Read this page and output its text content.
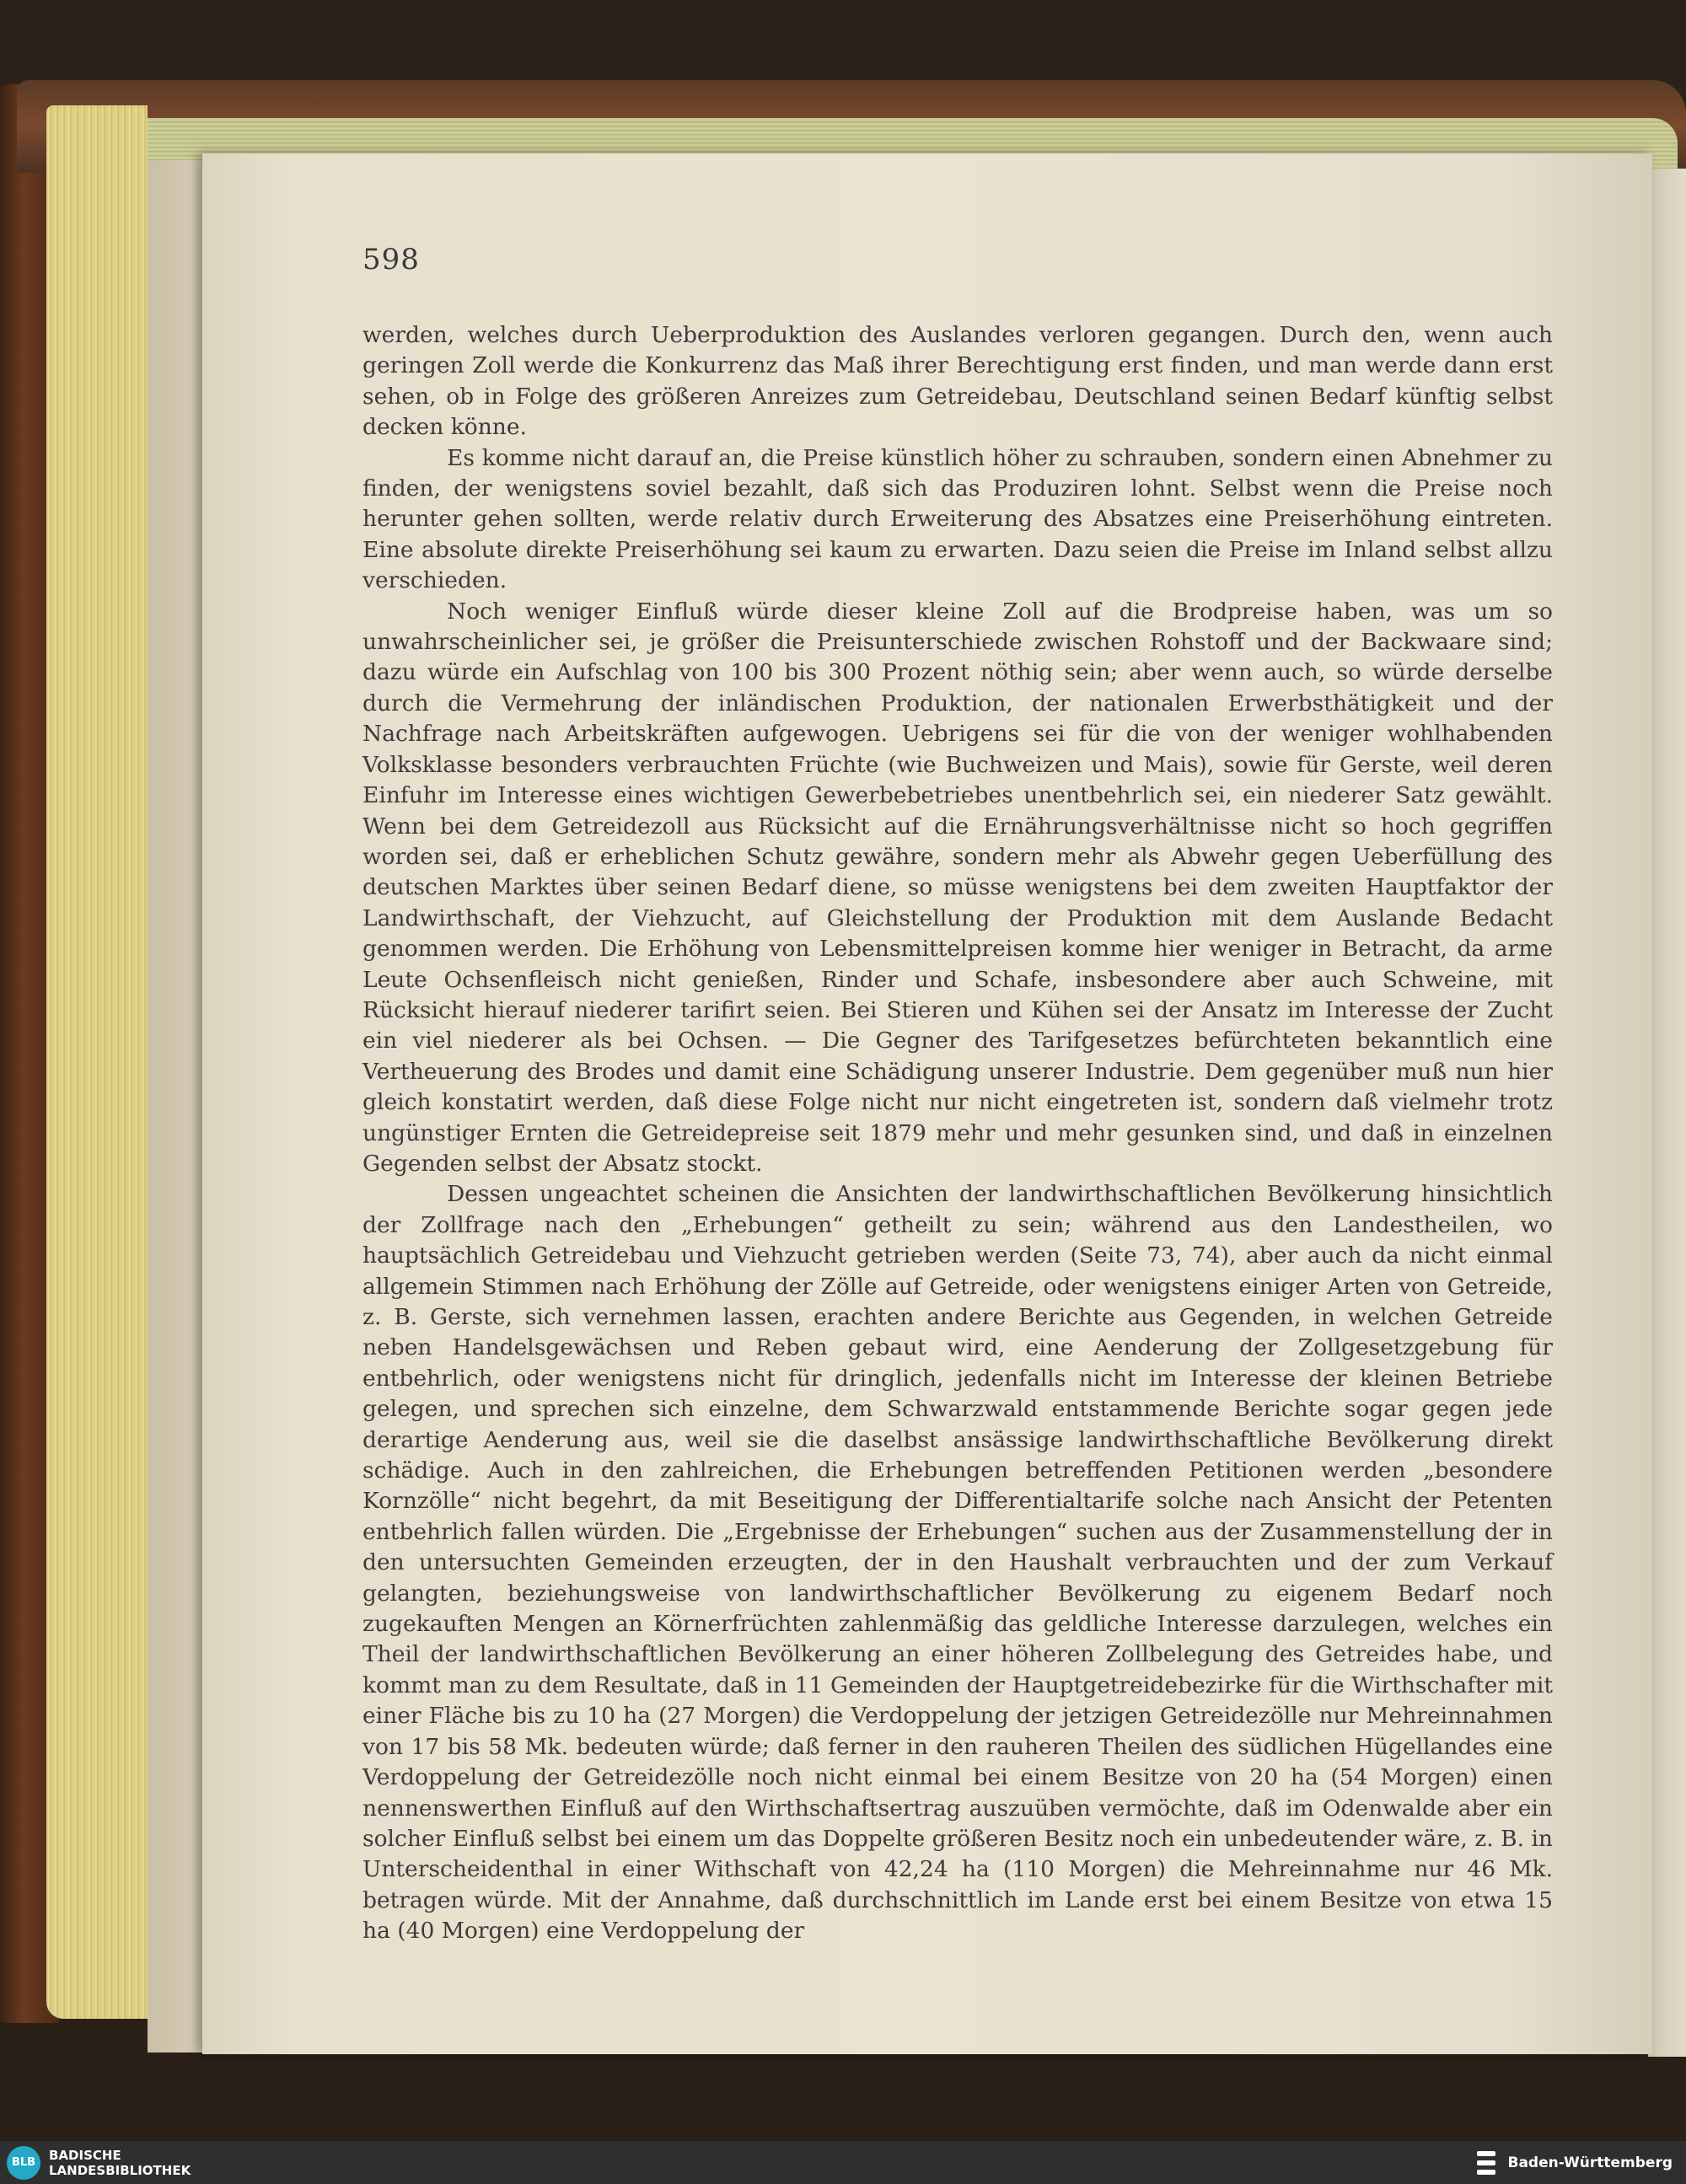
598

werden, welches durch Ueberproduktion des Auslandes verloren gegangen. Durch den, wenn auch geringen Zoll werde die Konkurrenz das Maß ihrer Berechtigung erst finden, und man werde dann erst sehen, ob in Folge des größeren Anreizes zum Getreidebau, Deutschland seinen Bedarf künftig selbst decken könne.

Es komme nicht darauf an, die Preise künstlich höher zu schrauben, sondern einen Abnehmer zu finden, der wenigstens soviel bezahlt, daß sich das Produziren lohnt. Selbst wenn die Preise noch herunter gehen sollten, werde relativ durch Erweiterung des Absatzes eine Preiserhöhung eintreten. Eine absolute direkte Preiserhöhung sei kaum zu erwarten. Dazu seien die Preise im Inland selbst allzu verschieden.

Noch weniger Einfluß würde dieser kleine Zoll auf die Brodpreise haben, was um so unwahrscheinlicher sei, je größer die Preisunterschiede zwischen Rohstoff und der Backwaare sind; dazu würde ein Aufschlag von 100 bis 300 Prozent nöthig sein; aber wenn auch, so würde derselbe durch die Vermehrung der inländischen Produktion, der nationalen Erwerbsthätigkeit und der Nachfrage nach Arbeitskräften aufgewogen. Uebrigens sei für die von der weniger wohlhabenden Volksklasse besonders verbrauchten Früchte (wie Buchweizen und Mais), sowie für Gerste, weil deren Einfuhr im Interesse eines wichtigen Gewerbebetriebes unentbehrlich sei, ein niederer Satz gewählt. Wenn bei dem Getreidezoll aus Rücksicht auf die Ernährungsverhältnisse nicht so hoch gegriffen worden sei, daß er erheblichen Schutz gewähre, sondern mehr als Abwehr gegen Ueberfüllung des deutschen Marktes über seinen Bedarf diene, so müsse wenigstens bei dem zweiten Hauptfaktor der Landwirthschaft, der Viehzucht, auf Gleichstellung der Produktion mit dem Auslande Bedacht genommen werden. Die Erhöhung von Lebensmittelpreisen komme hier weniger in Betracht, da arme Leute Ochsenfleisch nicht genießen, Rinder und Schafe, insbesondere aber auch Schweine, mit Rücksicht hierauf niederer tarifirt seien. Bei Stieren und Kühen sei der Ansatz im Interesse der Zucht ein viel niederer als bei Ochsen. — Die Gegner des Tarifgesetzes befürchteten bekanntlich eine Vertheuerung des Brodes und damit eine Schädigung unserer Industrie. Dem gegenüber muß nun hier gleich konstatirt werden, daß diese Folge nicht nur nicht eingetreten ist, sondern daß vielmehr trotz ungünstiger Ernten die Getreidepreise seit 1879 mehr und mehr gesunken sind, und daß in einzelnen Gegenden selbst der Absatz stockt.

Dessen ungeachtet scheinen die Ansichten der landwirthschaftlichen Bevölkerung hinsichtlich der Zollfrage nach den „Erhebungen“ getheilt zu sein; während aus den Landestheilen, wo hauptsächlich Getreidebau und Viehzucht getrieben werden (Seite 73, 74), aber auch da nicht einmal allgemein Stimmen nach Erhöhung der Zölle auf Getreide, oder wenigstens einiger Arten von Getreide, z. B. Gerste, sich vernehmen lassen, erachten andere Berichte aus Gegenden, in welchen Getreide neben Handelsgewächsen und Reben gebaut wird, eine Aenderung der Zollgesetzgebung für entbehrlich, oder wenigstens nicht für dringlich, jedenfalls nicht im Interesse der kleinen Betriebe gelegen, und sprechen sich einzelne, dem Schwarzwald entstammende Berichte sogar gegen jede derartige Aenderung aus, weil sie die daselbst ansässige landwirthschaftliche Bevölkerung direkt schädige. Auch in den zahlreichen, die Erhebungen betreffenden Petitionen werden „besondere Kornzölle“ nicht begehrt, da mit Beseitigung der Differentialtarife solche nach Ansicht der Petenten entbehrlich fallen würden. Die „Ergebnisse der Erhebungen“ suchen aus der Zusammenstellung der in den untersuchten Gemeinden erzeugten, der in den Haushalt verbrauchten und der zum Verkauf gelangten, beziehungsweise von landwirthschaftlicher Bevölkerung zu eigenem Bedarf noch zugekauften Mengen an Körnerfrüchten zahlenmäßig das geldliche Interesse darzulegen, welches ein Theil der landwirthschaftlichen Bevölkerung an einer höheren Zollbelegung des Getreides habe, und kommt man zu dem Resultate, daß in 11 Gemeinden der Hauptgetreidebezirke für die Wirthschafter mit einer Fläche bis zu 10 ha (27 Morgen) die Verdoppelung der jetzigen Getreidezölle nur Mehreinnahmen von 17 bis 58 Mk. bedeuten würde; daß ferner in den rauheren Theilen des südlichen Hügellandes eine Verdoppelung der Getreidezölle noch nicht einmal bei einem Besitze von 20 ha (54 Morgen) einen nennenswerthen Einfluß auf den Wirthschaftsertrag auszuüben vermöchte, daß im Odenwalde aber ein solcher Einfluß selbst bei einem um das Doppelte größeren Besitz noch ein unbedeutender wäre, z. B. in Unterscheidenthal in einer Withschaft von 42,24 ha (110 Morgen) die Mehreinnahme nur 46 Mk. betragen würde. Mit der Annahme, daß durchschnittlich im Lande erst bei einem Besitze von etwa 15 ha (40 Morgen) eine Verdoppelung der

BLB	BADISCHE
LANDESBIBLIOTHEK	Baden-Württemberg
